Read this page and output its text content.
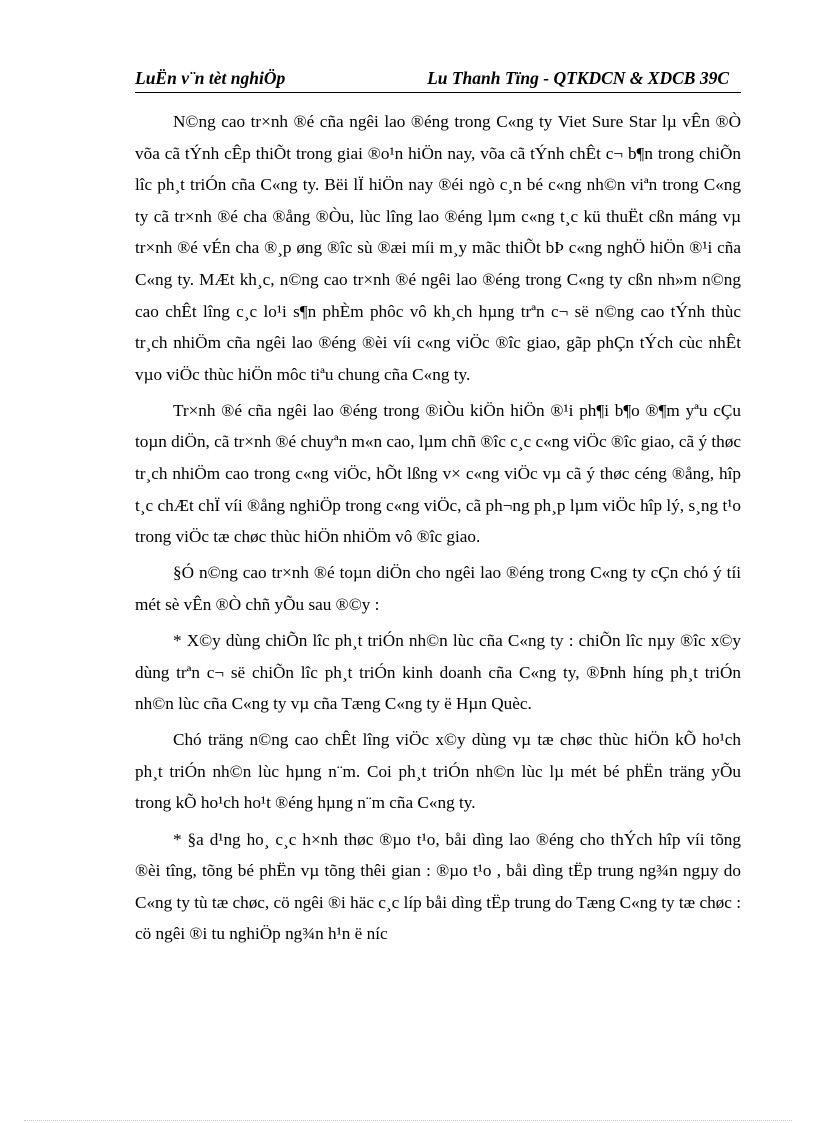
LuËn v¨n tèt nghiÖp	Lu Thanh Tïng - QTKDCN & XDCB 39C

N©ng cao tr×nh ®é cña ngêi lao ®éng trong C«ng ty Viet Sure Star lµ vÊn ®Ò võa cã tÝnh cÊp thiÕt trong giai ®o¹n hiÖn nay, võa cã tÝnh chÊt c¬ b¶n trong chiÕn lîc ph¸t triÓn cña C«ng ty. Bëi lÏ hiÖn nay ®éi ngò c¸n bé c«ng nh©n viªn trong C«ng ty cã tr×nh ®é cha ®ång ®Òu, lùc lîng lao ®éng lµm c«ng t¸c kü thuËt cßn máng vµ tr×nh ®é vÉn cha ®¸p øng ®îc sù ®æi míi m¸y mãc thiÕt bÞ c«ng nghÖ hiÖn ®¹i cña C«ng ty. MÆt kh¸c, n©ng cao tr×nh ®é ngêi lao ®éng trong C«ng ty cßn nh»m n©ng cao chÊt lîng c¸c lo¹i s¶n phÈm phôc vô kh¸ch hµng trªn c¬ së n©ng cao tÝnh thùc tr¸ch nhiÖm cña ngêi lao ®éng ®èi víi c«ng viÖc ®îc giao, gãp phÇn tÝch cùc nhÊt vµo viÖc thùc hiÖn môc tiªu chung cña C«ng ty.

Tr×nh ®é cña ngêi lao ®éng trong ®iÒu kiÖn hiÖn ®¹i ph¶i b¶o ®¶m yªu cÇu toµn diÖn, cã tr×nh ®é chuyªn m«n cao, lµm chñ ®îc c¸c c«ng viÖc ®îc giao, cã ý thøc tr¸ch nhiÖm cao trong c«ng viÖc, hÕt lßng v× c«ng viÖc vµ cã ý thøc céng ®ång, hîp t¸c chÆt chÏ víi ®ång nghiÖp trong c«ng viÖc, cã ph¬ng ph¸p lµm viÖc hîp lý, s¸ng t¹o trong viÖc tæ chøc thùc hiÖn nhiÖm vô ®îc giao.

§Ó n©ng cao tr×nh ®é toµn diÖn cho ngêi lao ®éng trong C«ng ty cÇn chó ý tíi mét sè vÊn ®Ò chñ yÕu sau ®©y :

* X©y dùng chiÕn lîc ph¸t triÓn nh©n lùc cña C«ng ty : chiÕn lîc nµy ®îc x©y dùng trªn c¬ së chiÕn lîc ph¸t triÓn kinh doanh cña C«ng ty, ®Þnh híng ph¸t triÓn nh©n lùc cña C«ng ty vµ cña Tæng C«ng ty ë Hµn Quèc.

Chó träng n©ng cao chÊt lîng viÖc x©y dùng vµ tæ chøc thùc hiÖn kÕ ho¹ch ph¸t triÓn nh©n lùc hµng n¨m. Coi ph¸t triÓn nh©n lùc lµ mét bé phËn träng yÕu trong kÕ ho¹ch ho¹t ®éng hµng n¨m cña C«ng ty.

* §a d¹ng ho¸ c¸c h×nh thøc ®µo t¹o, båi dìng lao ®éng cho thÝch hîp víi tõng ®èi tîng, tõng bé phËn vµ tõng thêi gian : ®µo t¹o , båi dìng tËp trung ng¾n ngµy do C«ng ty tù tæ chøc, cö ngêi ®i häc c¸c líp båi dìng tËp trung do Tæng C«ng ty tæ chøc : cö ngêi ®i tu nghiÖp ng¾n h¹n ë níc
